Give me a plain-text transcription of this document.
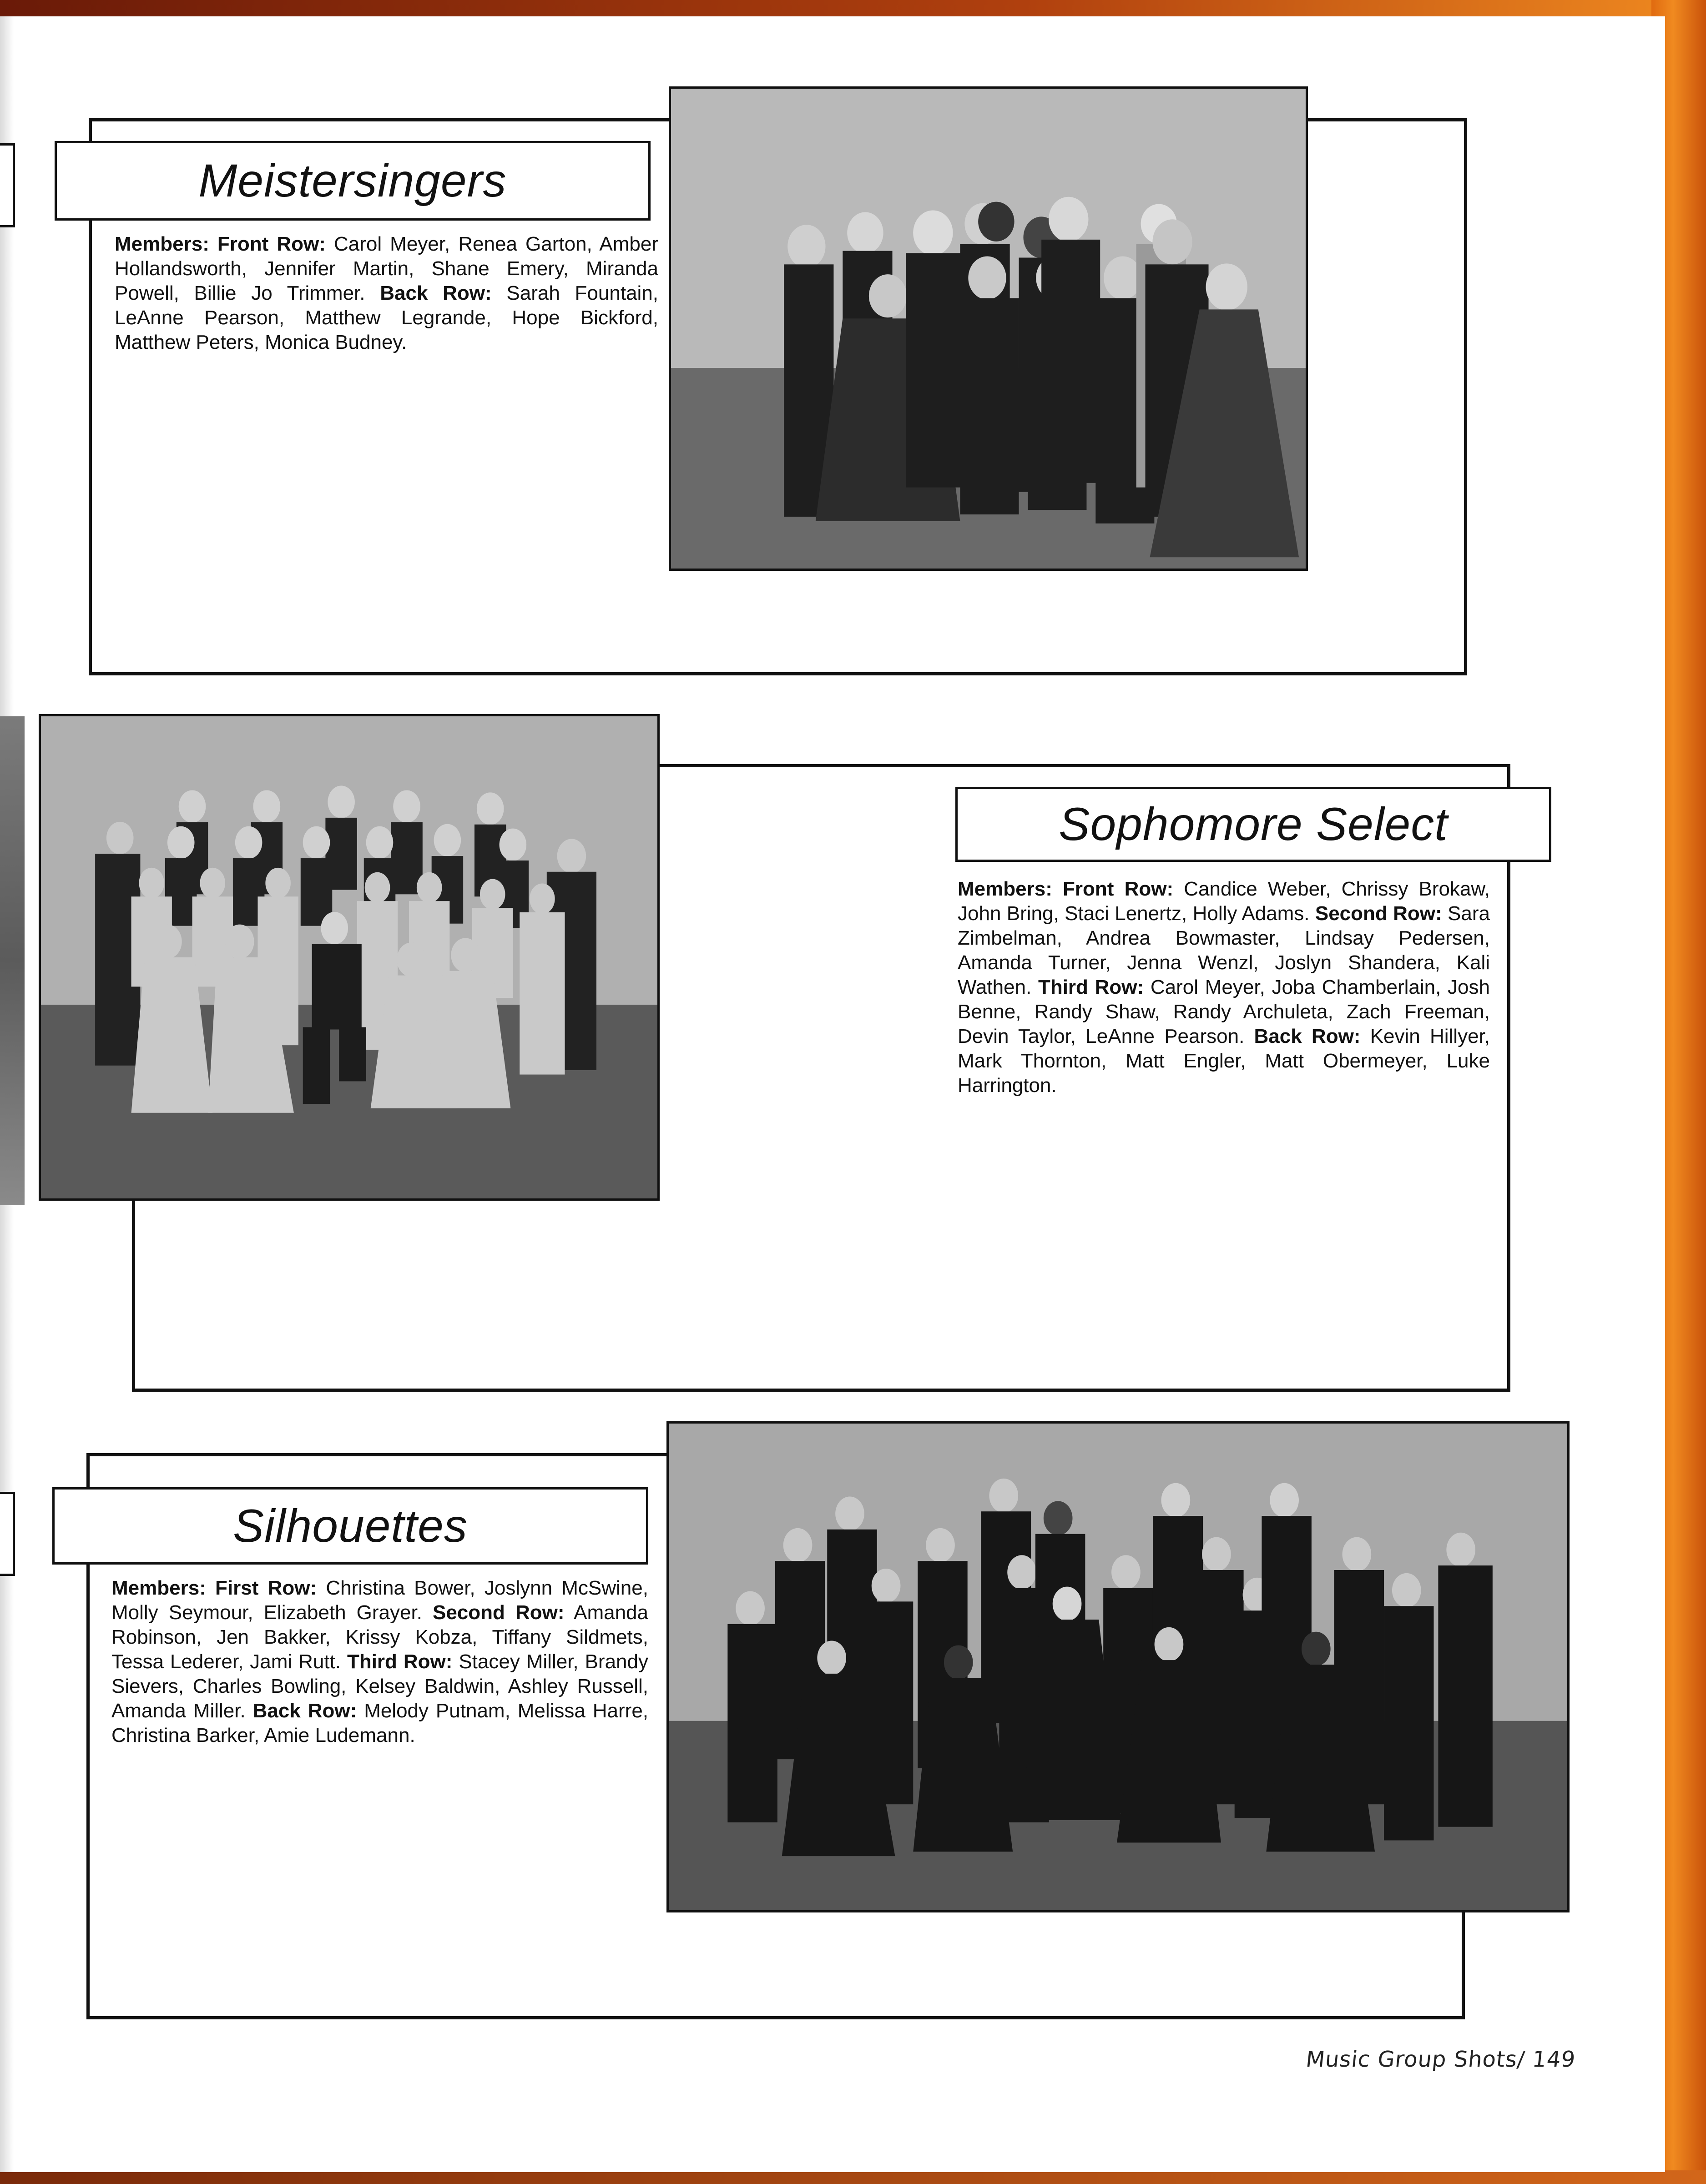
Meistersingers
Members: Front Row: Carol Meyer, Renea Garton, Amber Hollandsworth, Jennifer Martin, Shane Emery, Miranda Powell, Billie Jo Trimmer. Back Row: Sarah Fountain, LeAnne Pearson, Matthew Legrande, Hope Bickford, Matthew Peters, Monica Budney.
Sophomore Select
Members: Front Row: Candice Weber, Chrissy Brokaw, John Bring, Staci Lenertz, Holly Adams. Second Row: Sara Zimbelman, Andrea Bowmaster, Lindsay Pedersen, Amanda Turner, Jenna Wenzl, Joslyn Shandera, Kali Wathen. Third Row: Carol Meyer, Joba Chamberlain, Josh Benne, Randy Shaw, Randy Archuleta, Zach Freeman, Devin Taylor, LeAnne Pearson. Back Row: Kevin Hillyer, Mark Thornton, Matt Engler, Matt Obermeyer, Luke Harrington.
Silhouettes
Members: First Row: Christina Bower, Joslynn McSwine, Molly Seymour, Elizabeth Grayer. Second Row: Amanda Robinson, Jen Bakker, Krissy Kobza, Tiffany Sildmets, Tessa Lederer, Jami Rutt. Third Row: Stacey Miller, Brandy Sievers, Charles Bowling, Kelsey Baldwin, Ashley Russell, Amanda Miller. Back Row: Melody Putnam, Melissa Harre, Christina Barker, Amie Ludemann.
Music Group Shots/ 149
